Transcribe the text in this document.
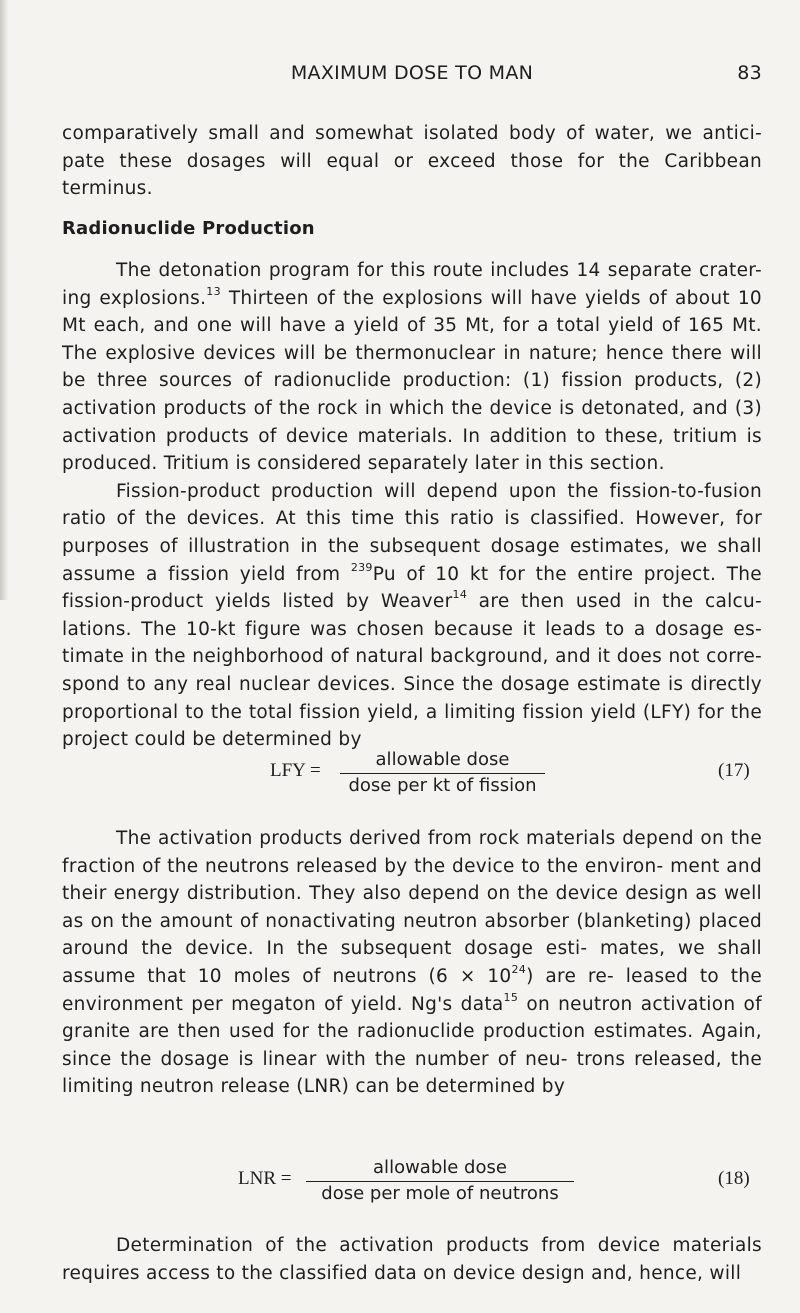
MAXIMUM DOSE TO MAN	83

comparatively small and somewhat isolated body of water, we antici- pate these dosages will equal or exceed those for the Caribbean terminus.

Radionuclide Production

The detonation program for this route includes 14 separate crater- ing explosions.$^{13}$ Thirteen of the explosions will have yields of about 10 Mt each, and one will have a yield of 35 Mt, for a total yield of 165 Mt. The explosive devices will be thermonuclear in nature; hence there will be three sources of radionuclide production: (1) fission products, (2) activation products of the rock in which the device is detonated, and (3) activation products of device materials. In addition to these, tritium is produced. Tritium is considered separately later in this section.

Fission-product production will depend upon the fission-to-fusion ratio of the devices. At this time this ratio is classified. However, for purposes of illustration in the subsequent dosage estimates, we shall assume a fission yield from $^{239}$Pu of 10 kt for the entire project. The fission-product yields listed by Weaver$^{14}$ are then used in the calcu- lations. The 10-kt figure was chosen because it leads to a dosage es- timate in the neighborhood of natural background, and it does not corre- spond to any real nuclear devices. Since the dosage estimate is directly proportional to the total fission yield, a limiting fission yield (LFY) for the project could be determined by

LFY =
allowable dose
dose per kt of fission
(17)

The activation products derived from rock materials depend on the fraction of the neutrons released by the device to the environ- ment and their energy distribution. They also depend on the device design as well as on the amount of nonactivating neutron absorber (blanketing) placed around the device. In the subsequent dosage esti- mates, we shall assume that 10 moles of neutrons $(6 \times 10^{24})$ are re- leased to the environment per megaton of yield. Ng's data$^{15}$ on neutron activation of granite are then used for the radionuclide production estimates. Again, since the dosage is linear with the number of neu- trons released, the limiting neutron release (LNR) can be determined by

LNR =
allowable dose
dose per mole of neutrons
(18)

Determination of the activation products from device materials requires access to the classified data on device design and, hence, will
